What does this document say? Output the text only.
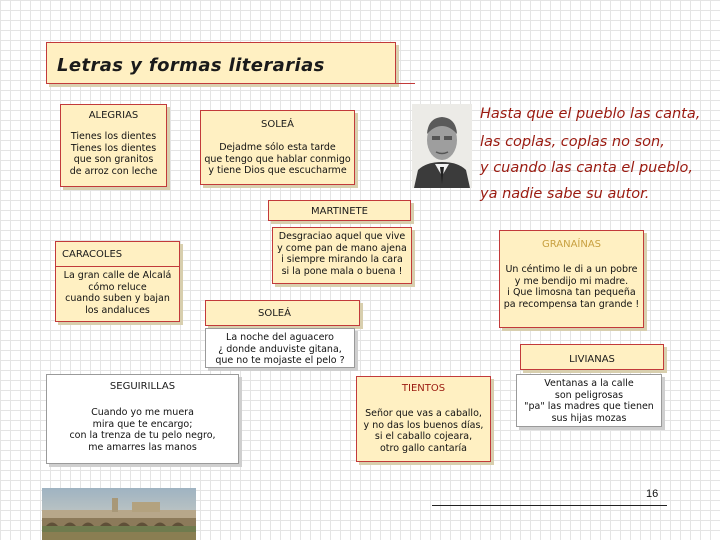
Letras y formas literarias
ALEGRIAS
Tienes los dientes
Tienes los dientes
que son granitos
de arroz con leche
SOLEÁ
Dejadme sólo esta tarde
que tengo que hablar conmigo
y tiene Dios que escucharme
Hasta que el pueblo las canta,
las coplas, coplas no son,
y cuando las canta el pueblo,
ya nadie sabe su autor.
MARTINETE
Desgraciao aquel que vive
y come pan de mano ajena
i siempre mirando la cara
si la pone mala o buena !
CARACOLES
La gran calle de Alcalá
cómo reluce
cuando suben y bajan
los andaluces
GRANAÍNAS
Un céntimo le di a un pobre
y me bendijo mi madre.
i Que limosna tan pequeña
pa recompensa tan grande !
SOLEÁ
La noche del aguacero
¿ donde anduviste gitana,
que no te mojaste el pelo ?	LIVIANAS
Ventanas a la calle
son peligrosas
"pa" las madres que tienen
sus hijas mozas
SEGUIRILLAS
Cuando yo me muera
mira que te encargo;
con la trenza de tu pelo negro,
me amarres las manos
TIENTOS
Señor que vas a caballo,
y no das los buenos días,
si el caballo cojeara,
otro gallo cantaría
16
